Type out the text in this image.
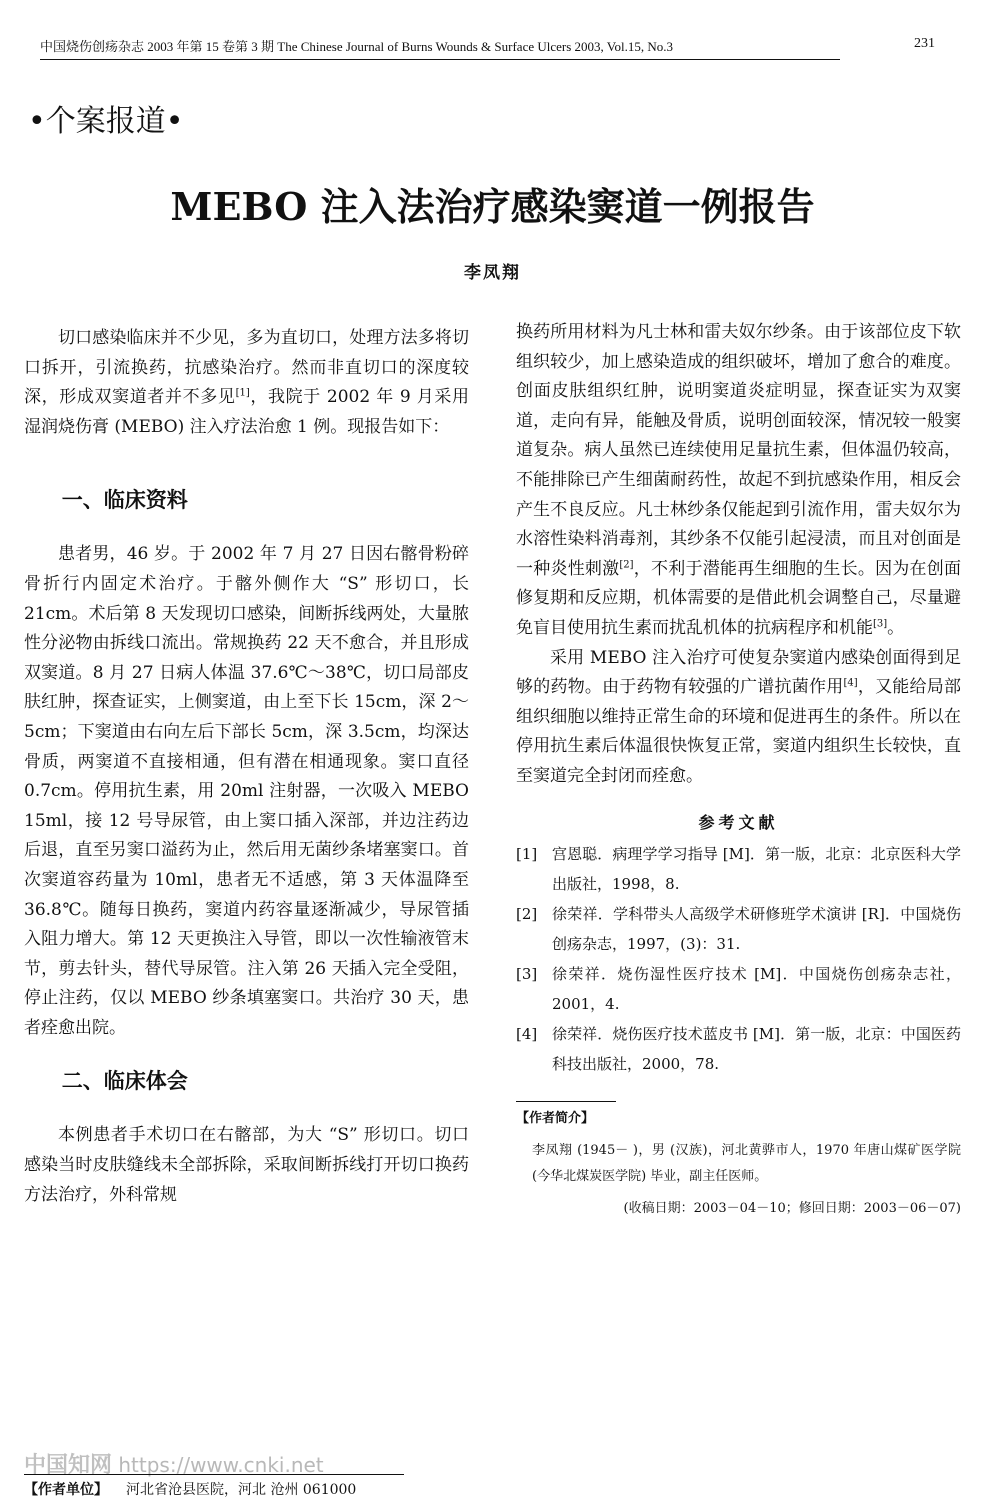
中国烧伤创疡杂志 2003 年第 15 卷第 3 期 The Chinese Journal of Burns Wounds & Surface Ulcers 2003, Vol.15, No.3	231
•个案报道•
MEBO 注入法治疗感染窦道一例报告
李凤翔

切口感染临床并不少见，多为直切口，处理方法多将切口拆开，引流换药，抗感染治疗。然而非直切口的深度较深，形成双窦道者并不多见[1]，我院于 2002 年 9 月采用湿润烧伤膏 (MEBO) 注入疗法治愈 1 例。现报告如下：

一、临床资料

患者男，46 岁。于 2002 年 7 月 27 日因右髂骨粉碎骨折行内固定术治疗。于髂外侧作大 “S” 形切口，长 21cm。术后第 8 天发现切口感染，间断拆线两处，大量脓性分泌物由拆线口流出。常规换药 22 天不愈合，并且形成双窦道。8 月 27 日病人体温 37.6℃～38℃，切口局部皮肤红肿，探查证实，上侧窦道，由上至下长 15cm，深 2～5cm；下窦道由右向左后下部长 5cm，深 3.5cm，均深达骨质，两窦道不直接相通，但有潜在相通现象。窦口直径 0.7cm。停用抗生素，用 20ml 注射器，一次吸入 MEBO 15ml，接 12 号导尿管，由上窦口插入深部，并边注药边后退，直至另窦口溢药为止，然后用无菌纱条堵塞窦口。首次窦道容药量为 10ml，患者无不适感，第 3 天体温降至 36.8℃。随每日换药，窦道内药容量逐渐减少，导尿管插入阻力增大。第 12 天更换注入导管，即以一次性输液管末节，剪去针头，替代导尿管。注入第 26 天插入完全受阻，停止注药，仅以 MEBO 纱条填塞窦口。共治疗 30 天，患者痊愈出院。

二、临床体会

本例患者手术切口在右髂部，为大 “S” 形切口。切口感染当时皮肤缝线未全部拆除，采取间断拆线打开切口换药方法治疗，外科常规

换药所用材料为凡士林和雷夫奴尔纱条。由于该部位皮下软组织较少，加上感染造成的组织破坏，增加了愈合的难度。创面皮肤组织红肿，说明窦道炎症明显，探查证实为双窦道，走向有异，能触及骨质，说明创面较深，情况较一般窦道复杂。病人虽然已连续使用足量抗生素，但体温仍较高，不能排除已产生细菌耐药性，故起不到抗感染作用，相反会产生不良反应。凡士林纱条仅能起到引流作用，雷夫奴尔为水溶性染料消毒剂，其纱条不仅能引起浸渍，而且对创面是一种炎性刺激[2]，不利于潜能再生细胞的生长。因为在创面修复期和反应期，机体需要的是借此机会调整自己，尽量避免盲目使用抗生素而扰乱机体的抗病程序和机能[3]。

采用 MEBO 注入治疗可使复杂窦道内感染创面得到足够的药物。由于药物有较强的广谱抗菌作用[4]，又能给局部组织细胞以维持正常生命的环境和促进再生的条件。所以在停用抗生素后体温很快恢复正常，窦道内组织生长较快，直至窦道完全封闭而痊愈。

参考文献
[1] 宫恩聪．病理学学习指导 [M]．第一版，北京：北京医科大学出版社，1998，8.
[2] 徐荣祥．学科带头人高级学术研修班学术演讲 [R]．中国烧伤创疡杂志，1997，(3)：31.
[3] 徐荣祥．烧伤湿性医疗技术 [M]．中国烧伤创疡杂志社，2001，4.
[4] 徐荣祥．烧伤医疗技术蓝皮书 [M]．第一版，北京：中国医药科技出版社，2000，78.
【作者简介】
李凤翔 (1945－ )，男 (汉族)，河北黄骅市人，1970 年唐山煤矿医学院 (今华北煤炭医学院) 毕业，副主任医师。
(收稿日期：2003－04－10；修回日期：2003－06－07)
中国知网 https://www.cnki.net
【作者单位】 河北省沧县医院，河北 沧州 061000
